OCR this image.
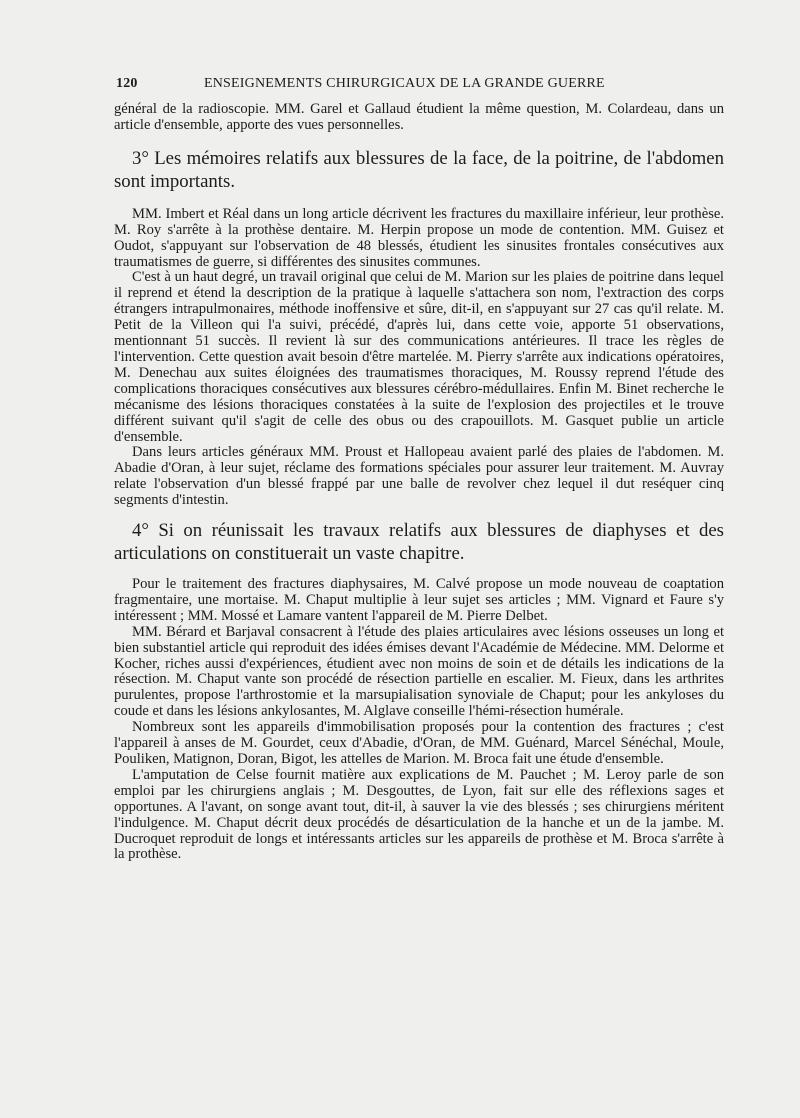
120	ENSEIGNEMENTS CHIRURGICAUX DE LA GRANDE GUERRE

général de la radioscopie. MM. Garel et Gallaud étudient la même question, M. Colardeau, dans un article d'ensemble, apporte des vues personnelles.

3° Les mémoires relatifs aux blessures de la face, de la poitrine, de l'abdomen sont importants.

MM. Imbert et Réal dans un long article décrivent les fractures du maxillaire inférieur, leur prothèse. M. Roy s'arrête à la prothèse dentaire. M. Herpin propose un mode de contention. MM. Guisez et Oudot, s'appuyant sur l'observation de 48 blessés, étudient les sinusites frontales consécutives aux traumatismes de guerre, si différentes des sinusites communes.

C'est à un haut degré, un travail original que celui de M. Marion sur les plaies de poitrine dans lequel il reprend et étend la description de la pratique à laquelle s'attachera son nom, l'extraction des corps étrangers intrapulmonaires, méthode inoffensive et sûre, dit-il, en s'appuyant sur 27 cas qu'il relate. M. Petit de la Villeon qui l'a suivi, précédé, d'après lui, dans cette voie, apporte 51 observations, mentionnant 51 succès. Il revient là sur des communications antérieures. Il trace les règles de l'intervention. Cette question avait besoin d'être martelée. M. Pierry s'arrête aux indications opératoires, M. Denechau aux suites éloignées des traumatismes thoraciques, M. Roussy reprend l'étude des complications thoraciques consécutives aux blessures cérébro-médullaires. Enfin M. Binet recherche le mécanisme des lésions thoraciques constatées à la suite de l'explosion des projectiles et le trouve différent suivant qu'il s'agit de celle des obus ou des crapouillots. M. Gasquet publie un article d'ensemble.

Dans leurs articles généraux MM. Proust et Hallopeau avaient parlé des plaies de l'abdomen. M. Abadie d'Oran, à leur sujet, réclame des formations spéciales pour assurer leur traitement. M. Auvray relate l'observation d'un blessé frappé par une balle de revolver chez lequel il dut reséquer cinq segments d'intestin.

4° Si on réunissait les travaux relatifs aux blessures de diaphyses et des articulations on constituerait un vaste chapitre.

Pour le traitement des fractures diaphysaires, M. Calvé propose un mode nouveau de coaptation fragmentaire, une mortaise. M. Chaput multiplie à leur sujet ses articles ; MM. Vignard et Faure s'y intéressent ; MM. Mossé et Lamare vantent l'appareil de M. Pierre Delbet.

MM. Bérard et Barjaval consacrent à l'étude des plaies articulaires avec lésions osseuses un long et bien substantiel article qui reproduit des idées émises devant l'Académie de Médecine. MM. Delorme et Kocher, riches aussi d'expériences, étudient avec non moins de soin et de détails les indications de la résection. M. Chaput vante son procédé de résection partielle en escalier. M. Fieux, dans les arthrites purulentes, propose l'arthrostomie et la marsupialisation synoviale de Chaput; pour les ankyloses du coude et dans les lésions ankylosantes, M. Alglave conseille l'hémi-résection humérale.

Nombreux sont les appareils d'immobilisation proposés pour la contention des fractures ; c'est l'appareil à anses de M. Gourdet, ceux d'Abadie, d'Oran, de MM. Guénard, Marcel Sénéchal, Moule, Pouliken, Matignon, Doran, Bigot, les attelles de Marion. M. Broca fait une étude d'ensemble.

L'amputation de Celse fournit matière aux explications de M. Pauchet ; M. Leroy parle de son emploi par les chirurgiens anglais ; M. Desgouttes, de Lyon, fait sur elle des réflexions sages et opportunes. A l'avant, on songe avant tout, dit-il, à sauver la vie des blessés ; ses chirurgiens méritent l'indulgence. M. Chaput décrit deux procédés de désarticulation de la hanche et un de la jambe. M. Ducroquet reproduit de longs et intéressants articles sur les appareils de prothèse et M. Broca s'arrête à la prothèse.
